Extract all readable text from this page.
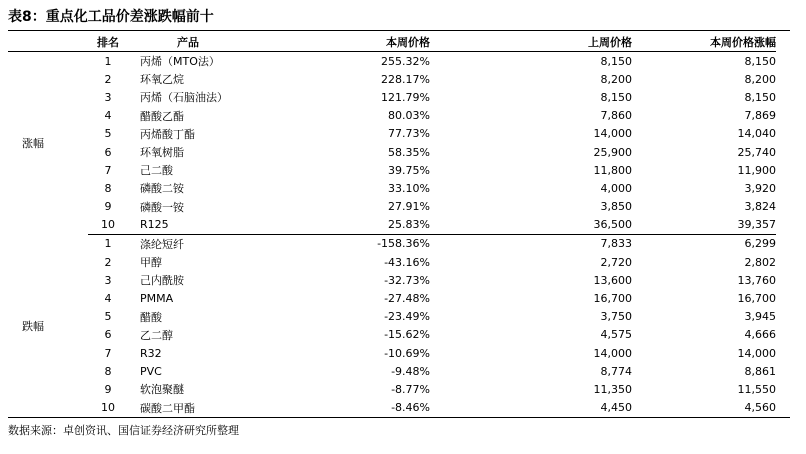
表8：重点化工品价差涨跌幅前十
	排名	产品	本周价格	上周价格	本周价格涨幅
涨幅	1	丙烯（MTO法）	255.32%	8,150	8,150
	2	环氧乙烷	228.17%	8,200	8,200
	3	丙烯（石脑油法）	121.79%	8,150	8,150
	4	醋酸乙酯	80.03%	7,860	7,869
	5	丙烯酸丁酯	77.73%	14,000	14,040
	6	环氧树脂	58.35%	25,900	25,740
	7	己二酸	39.75%	11,800	11,900
	8	磷酸二铵	33.10%	4,000	3,920
	9	磷酸一铵	27.91%	3,850	3,824
	10	R125	25.83%	36,500	39,357
跌幅	1	涤纶短纤	-158.36%	7,833	6,299
	2	甲醇	-43.16%	2,720	2,802
	3	己内酰胺	-32.73%	13,600	13,760
	4	PMMA	-27.48%	16,700	16,700
	5	醋酸	-23.49%	3,750	3,945
	6	乙二醇	-15.62%	4,575	4,666
	7	R32	-10.69%	14,000	14,000
	8	PVC	-9.48%	8,774	8,861
	9	软泡聚醚	-8.77%	11,350	11,550
	10	碳酸二甲酯	-8.46%	4,450	4,560
数据来源：卓创资讯、国信证券经济研究所整理
